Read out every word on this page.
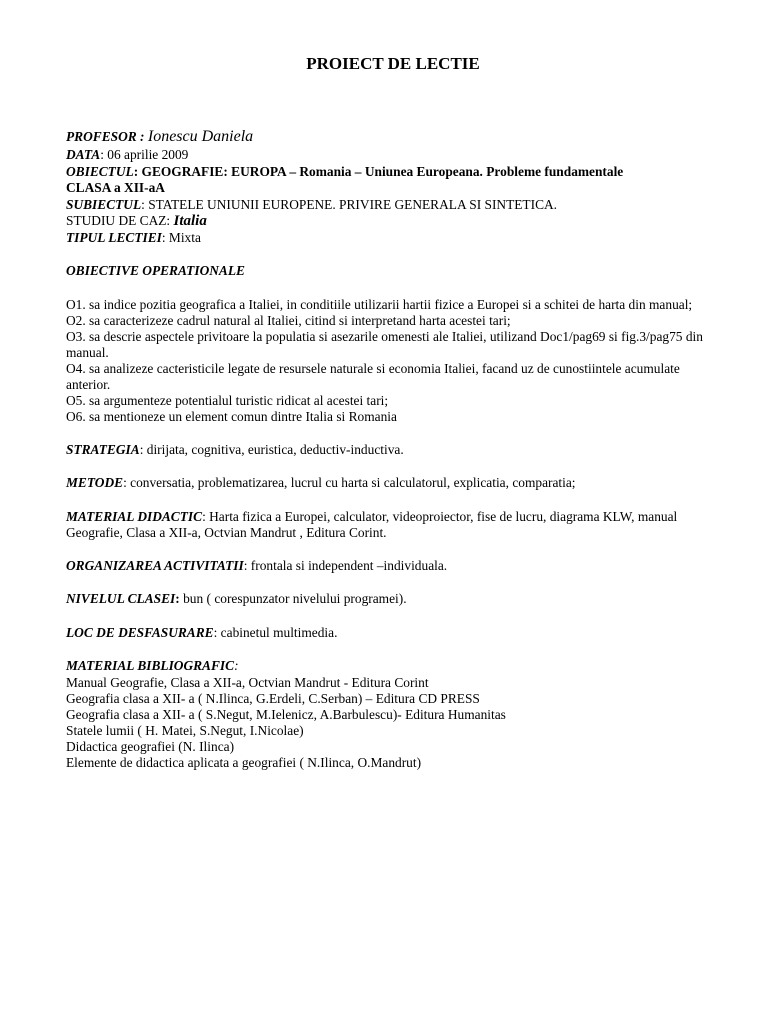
PROIECT DE LECTIE

PROFESOR : Ionescu Daniela

DATA: 06 aprilie 2009

OBIECTUL: GEOGRAFIE: EUROPA – Romania – Uniunea Europeana. Probleme fundamentale

CLASA a XII-aA

SUBIECTUL: STATELE UNIUNII EUROPENE. PRIVIRE GENERALA SI SINTETICA.

STUDIU DE CAZ: Italia

TIPUL LECTIEI: Mixta

OBIECTIVE OPERATIONALE

O1. sa indice pozitia geografica a Italiei, in conditiile utilizarii hartii fizice a Europei si a schitei de harta din manual;

O2. sa caracterizeze cadrul natural al Italiei, citind si interpretand harta acestei tari;

O3. sa descrie aspectele privitoare la populatia si asezarile omenesti ale Italiei, utilizand Doc1/pag69 si fig.3/pag75 din manual.

O4. sa analizeze cacteristicile legate de resursele naturale si economia Italiei, facand uz de cunostiintele acumulate anterior.

O5. sa argumenteze potentialul turistic ridicat al acestei tari;

O6. sa mentioneze un element comun dintre Italia si Romania

STRATEGIA: dirijata, cognitiva, euristica, deductiv-inductiva.

METODE: conversatia, problematizarea, lucrul cu harta si calculatorul, explicatia, comparatia;

MATERIAL DIDACTIC: Harta fizica a Europei, calculator, videoproiector, fise de lucru, diagrama KLW, manual Geografie, Clasa a XII-a, Octvian Mandrut , Editura Corint.

ORGANIZAREA ACTIVITATII: frontala si independent –individuala.

NIVELUL CLASEI: bun ( corespunzator nivelului programei).

LOC DE DESFASURARE: cabinetul multimedia.

MATERIAL BIBLIOGRAFIC:

Manual Geografie, Clasa a XII-a, Octvian Mandrut - Editura Corint

Geografia clasa a XII- a ( N.Ilinca, G.Erdeli, C.Serban) – Editura CD PRESS

Geografia clasa a XII- a ( S.Negut, M.Ielenicz, A.Barbulescu)- Editura Humanitas

Statele lumii ( H. Matei, S.Negut, I.Nicolae)

Didactica geografiei (N. Ilinca)

Elemente de didactica aplicata a geografiei ( N.Ilinca, O.Mandrut)
